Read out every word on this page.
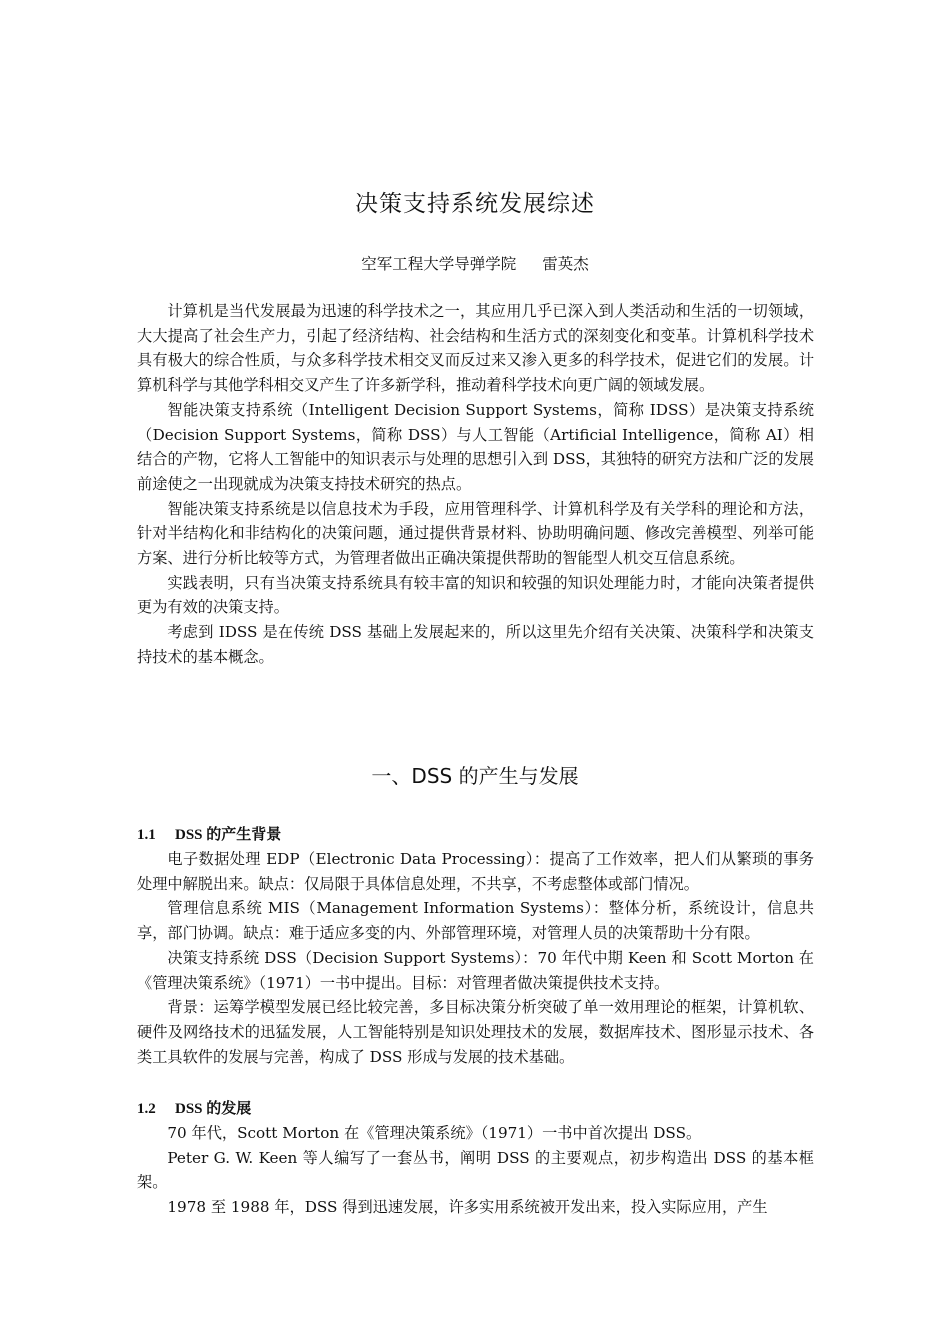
决策支持系统发展综述
空军工程大学导弹学院 雷英杰

计算机是当代发展最为迅速的科学技术之一，其应用几乎已深入到人类活动和生活的一切领域，大大提高了社会生产力，引起了经济结构、社会结构和生活方式的深刻变化和变革。计算机科学技术具有极大的综合性质，与众多科学技术相交叉而反过来又渗入更多的科学技术，促进它们的发展。计算机科学与其他学科相交叉产生了许多新学科，推动着科学技术向更广阔的领域发展。

智能决策支持系统（Intelligent Decision Support Systems，简称 IDSS）是决策支持系统（Decision Support Systems，简称 DSS）与人工智能（Artificial Intelligence，简称 AI）相结合的产物，它将人工智能中的知识表示与处理的思想引入到 DSS，其独特的研究方法和广泛的发展前途使之一出现就成为决策支持技术研究的热点。

智能决策支持系统是以信息技术为手段，应用管理科学、计算机科学及有关学科的理论和方法，针对半结构化和非结构化的决策问题，通过提供背景材料、协助明确问题、修改完善模型、列举可能方案、进行分析比较等方式，为管理者做出正确决策提供帮助的智能型人机交互信息系统。

实践表明，只有当决策支持系统具有较丰富的知识和较强的知识处理能力时，才能向决策者提供更为有效的决策支持。

考虑到 IDSS 是在传统 DSS 基础上发展起来的，所以这里先介绍有关决策、决策科学和决策支持技术的基本概念。

一、DSS 的产生与发展
1.1 DSS 的产生背景

电子数据处理 EDP（Electronic Data Processing）：提高了工作效率，把人们从繁琐的事务处理中解脱出来。缺点：仅局限于具体信息处理，不共享，不考虑整体或部门情况。

管理信息系统 MIS（Management Information Systems）：整体分析，系统设计，信息共享，部门协调。缺点：难于适应多变的内、外部管理环境，对管理人员的决策帮助十分有限。

决策支持系统 DSS（Decision Support Systems）：70 年代中期 Keen 和 Scott Morton 在《管理决策系统》（1971）一书中提出。目标：对管理者做决策提供技术支持。

背景：运筹学模型发展已经比较完善，多目标决策分析突破了单一效用理论的框架，计算机软、硬件及网络技术的迅猛发展，人工智能特别是知识处理技术的发展，数据库技术、图形显示技术、各类工具软件的发展与完善，构成了 DSS 形成与发展的技术基础。

1.2 DSS 的发展

70 年代，Scott Morton 在《管理决策系统》（1971）一书中首次提出 DSS。

Peter G. W. Keen 等人编写了一套丛书，阐明 DSS 的主要观点，初步构造出 DSS 的基本框架。

1978 至 1988 年，DSS 得到迅速发展，许多实用系统被开发出来，投入实际应用，产生
